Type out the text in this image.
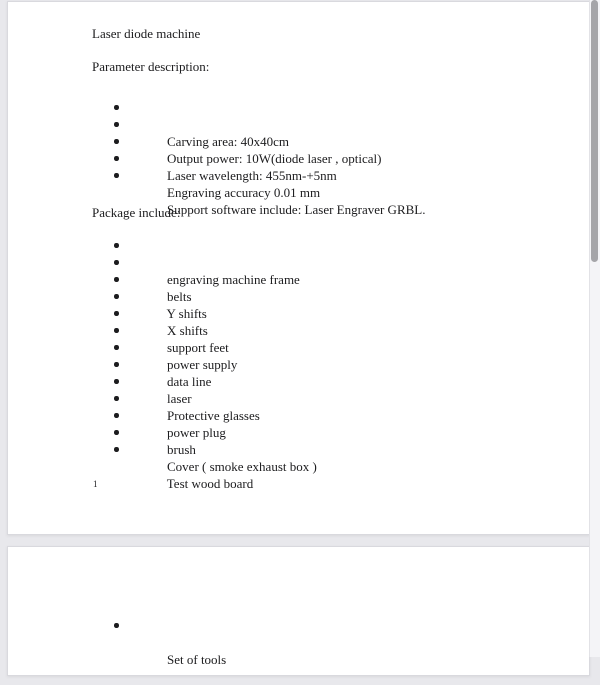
Laser diode machine
Parameter description:

Carving area: 40x40cm

Output power: 10W(diode laser , optical)

Laser wavelength: 455nm-+5nm

Engraving accuracy 0.01 mm

Support software include: Laser Engraver GRBL.

Package include:

engraving machine frame

belts

Y shifts

X shifts

support feet

power supply

data line

laser

Protective glasses

power plug

brush

Cover ( smoke exhaust box )

Test wood board

1

Set of tools
